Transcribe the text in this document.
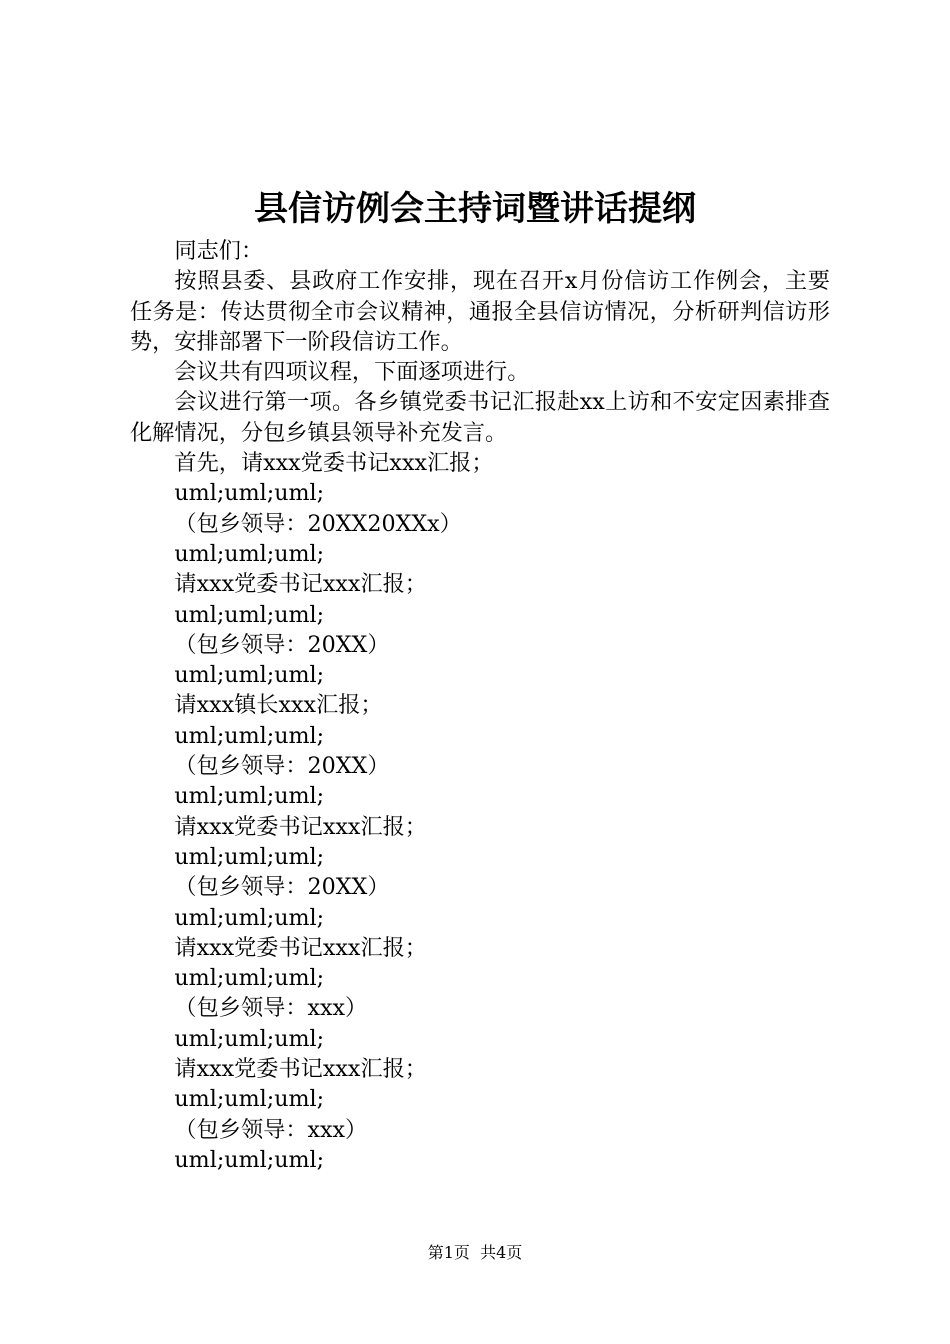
县信访例会主持词暨讲话提纲

同志们：

按照县委、县政府工作安排，现在召开x月份信访工作例会，主要任务是：传达贯彻全市会议精神，通报全县信访情况，分析研判信访形势，安排部署下一阶段信访工作。

会议共有四项议程，下面逐项进行。

会议进行第一项。各乡镇党委书记汇报赴xx上访和不安定因素排查化解情况，分包乡镇县领导补充发言。

首先，请xxx党委书记xxx汇报；

uml;uml;uml;

（包乡领导：20XX20XXx）

uml;uml;uml;

请xxx党委书记xxx汇报；

uml;uml;uml;

（包乡领导：20XX）

uml;uml;uml;

请xxx镇长xxx汇报；

uml;uml;uml;

（包乡领导：20XX）

uml;uml;uml;

请xxx党委书记xxx汇报；

uml;uml;uml;

（包乡领导：20XX）

uml;uml;uml;

请xxx党委书记xxx汇报；

uml;uml;uml;

（包乡领导：xxx）

uml;uml;uml;

请xxx党委书记xxx汇报；

uml;uml;uml;

（包乡领导：xxx）

uml;uml;uml;

第1页  共4页
